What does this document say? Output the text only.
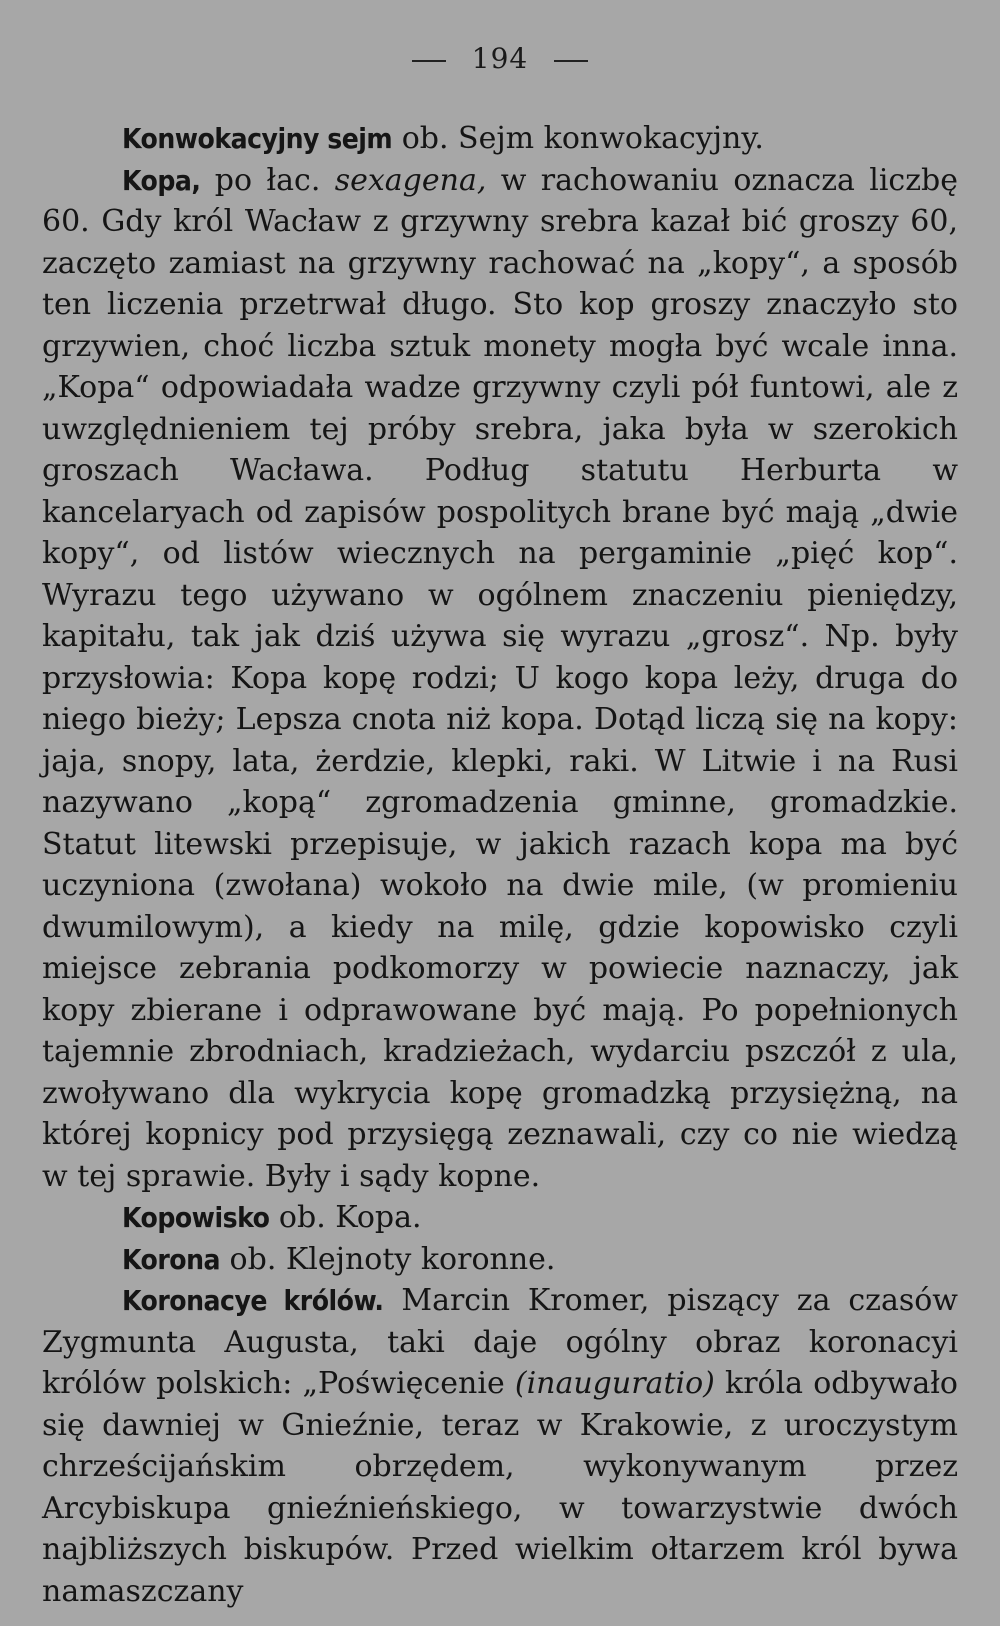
194

Konwokacyjny sejm ob. Sejm konwokacyjny.

Kopa, po łac. sexagena, w rachowaniu oznacza liczbę 60. Gdy król Wacław z grzywny srebra kazał bić groszy 60, zaczęto zamiast na grzywny rachować na „kopy“, a sposób ten liczenia przetrwał długo. Sto kop groszy znaczyło sto grzywien, choć liczba sztuk monety mogła być wcale inna. „Kopa“ odpowiadała wadze grzywny czyli pół funtowi, ale z uwzględnieniem tej próby srebra, jaka była w szerokich groszach Wacława. Podług statutu Herburta w kancelaryach od zapisów pospolitych brane być mają „dwie kopy“, od listów wiecznych na pergaminie „pięć kop“. Wyrazu tego używano w ogólnem znaczeniu pieniędzy, kapitału, tak jak dziś używa się wyrazu „grosz“. Np. były przysłowia: Kopa kopę rodzi; U kogo kopa leży, druga do niego bieży; Lepsza cnota niż kopa. Dotąd liczą się na kopy: jaja, snopy, lata, żerdzie, klepki, raki. W Litwie i na Rusi nazywano „kopą“ zgromadzenia gminne, gromadzkie. Statut litewski przepisuje, w jakich razach kopa ma być uczyniona (zwołana) wokoło na dwie mile, (w promieniu dwumilowym), a kiedy na milę, gdzie kopowisko czyli miejsce zebrania podkomorzy w powiecie naznaczy, jak kopy zbierane i odprawowane być mają. Po popełnionych tajemnie zbrodniach, kradzieżach, wydarciu pszczół z ula, zwoływano dla wykrycia kopę gromadzką przysiężną, na której kopnicy pod przysięgą zeznawali, czy co nie wiedzą w tej sprawie. Były i sądy kopne.

Kopowisko ob. Kopa.

Korona ob. Klejnoty koronne.

Koronacye królów. Marcin Kromer, piszący za czasów Zygmunta Augusta, taki daje ogólny obraz koronacyi królów polskich: „Poświęcenie (inauguratio) króla odbywało się dawniej w Gnieźnie, teraz w Krakowie, z uroczystym chrześcijańskim obrzędem, wykonywanym przez Arcybiskupa gnieźnieńskiego, w towarzystwie dwóch najbliższych biskupów. Przed wielkim ołtarzem król bywa namaszczany
